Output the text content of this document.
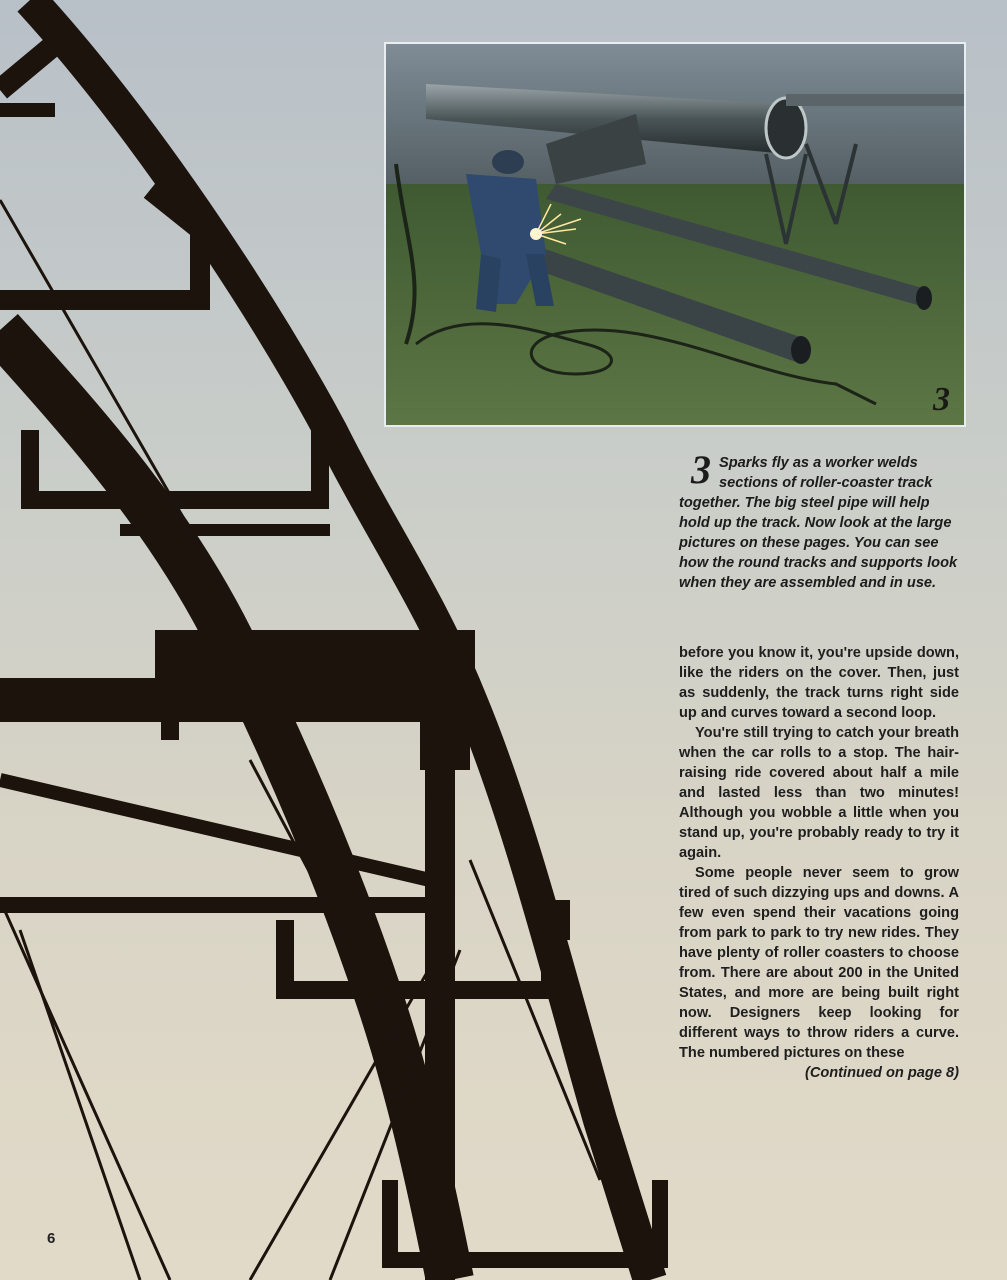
3
3 Sparks fly as a worker welds sections of roller-coaster track together. The big steel pipe will help hold up the track. Now look at the large pictures on these pages. You can see how the round tracks and supports look when they are assembled and in use.

before you know it, you're upside down, like the riders on the cover. Then, just as suddenly, the track turns right side up and curves toward a second loop.

You're still trying to catch your breath when the car rolls to a stop. The hair-raising ride covered about half a mile and lasted less than two minutes! Although you wobble a little when you stand up, you're probably ready to try it again.

Some people never seem to grow tired of such dizzying ups and downs. A few even spend their vacations going from park to park to try new rides. They have plenty of roller coasters to choose from. There are about 200 in the United States, and more are being built right now. Designers keep looking for different ways to throw riders a curve. The numbered pictures on these
(Continued on page 8)

6
